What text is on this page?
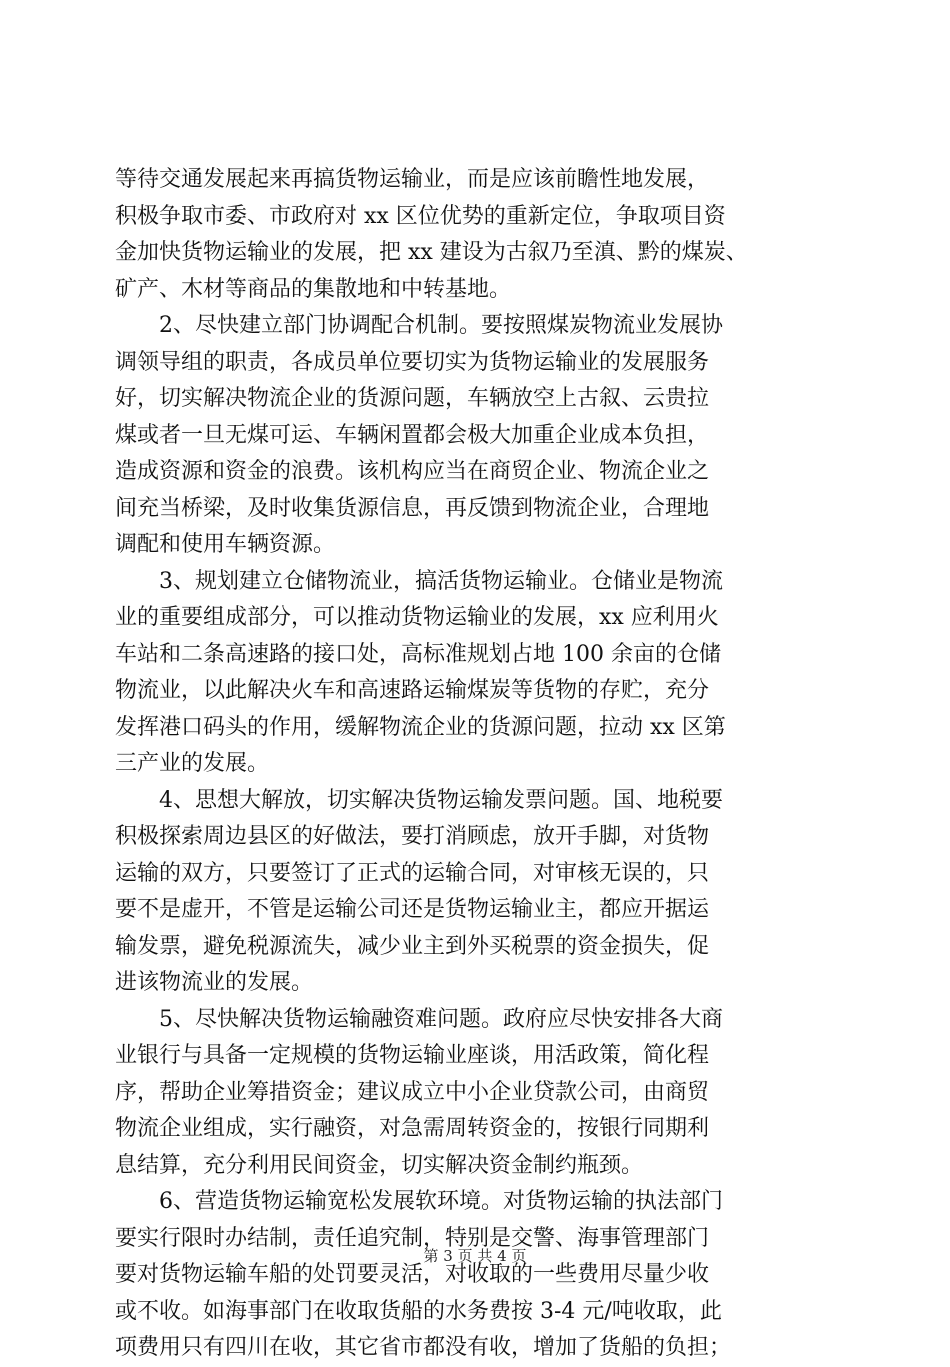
等待交通发展起来再搞货物运输业，而是应该前瞻性地发展，
积极争取市委、市政府对 xx 区位优势的重新定位，争取项目资
金加快货物运输业的发展，把 xx 建设为古叙乃至滇、黔的煤炭、
矿产、木材等商品的集散地和中转基地。
　　2、尽快建立部门协调配合机制。要按照煤炭物流业发展协
调领导组的职责，各成员单位要切实为货物运输业的发展服务
好，切实解决物流企业的货源问题，车辆放空上古叙、云贵拉
煤或者一旦无煤可运、车辆闲置都会极大加重企业成本负担，
造成资源和资金的浪费。该机构应当在商贸企业、物流企业之
间充当桥梁，及时收集货源信息，再反馈到物流企业，合理地
调配和使用车辆资源。
　　3、规划建立仓储物流业，搞活货物运输业。仓储业是物流
业的重要组成部分，可以推动货物运输业的发展，xx 应利用火
车站和二条高速路的接口处，高标准规划占地 100 余亩的仓储
物流业，以此解决火车和高速路运输煤炭等货物的存贮，充分
发挥港口码头的作用，缓解物流企业的货源问题，拉动 xx 区第
三产业的发展。
　　4、思想大解放，切实解决货物运输发票问题。国、地税要
积极探索周边县区的好做法，要打消顾虑，放开手脚，对货物
运输的双方，只要签订了正式的运输合同，对审核无误的，只
要不是虚开，不管是运输公司还是货物运输业主，都应开据运
输发票，避免税源流失，减少业主到外买税票的资金损失，促
进该物流业的发展。
　　5、尽快解决货物运输融资难问题。政府应尽快安排各大商
业银行与具备一定规模的货物运输业座谈，用活政策，简化程
序，帮助企业筹措资金；建议成立中小企业贷款公司，由商贸
物流企业组成，实行融资，对急需周转资金的，按银行同期利
息结算，充分利用民间资金，切实解决资金制约瓶颈。
　　6、营造货物运输宽松发展软环境。对货物运输的执法部门
要实行限时办结制，责任追究制，特别是交警、海事管理部门
要对货物运输车船的处罚要灵活，对收取的一些费用尽量少收
或不收。如海事部门在收取货船的水务费按 3-4 元/吨收取，此
项费用只有四川在收，其它省市都没有收，增加了货船的负担；
第 3 页 共 4 页
